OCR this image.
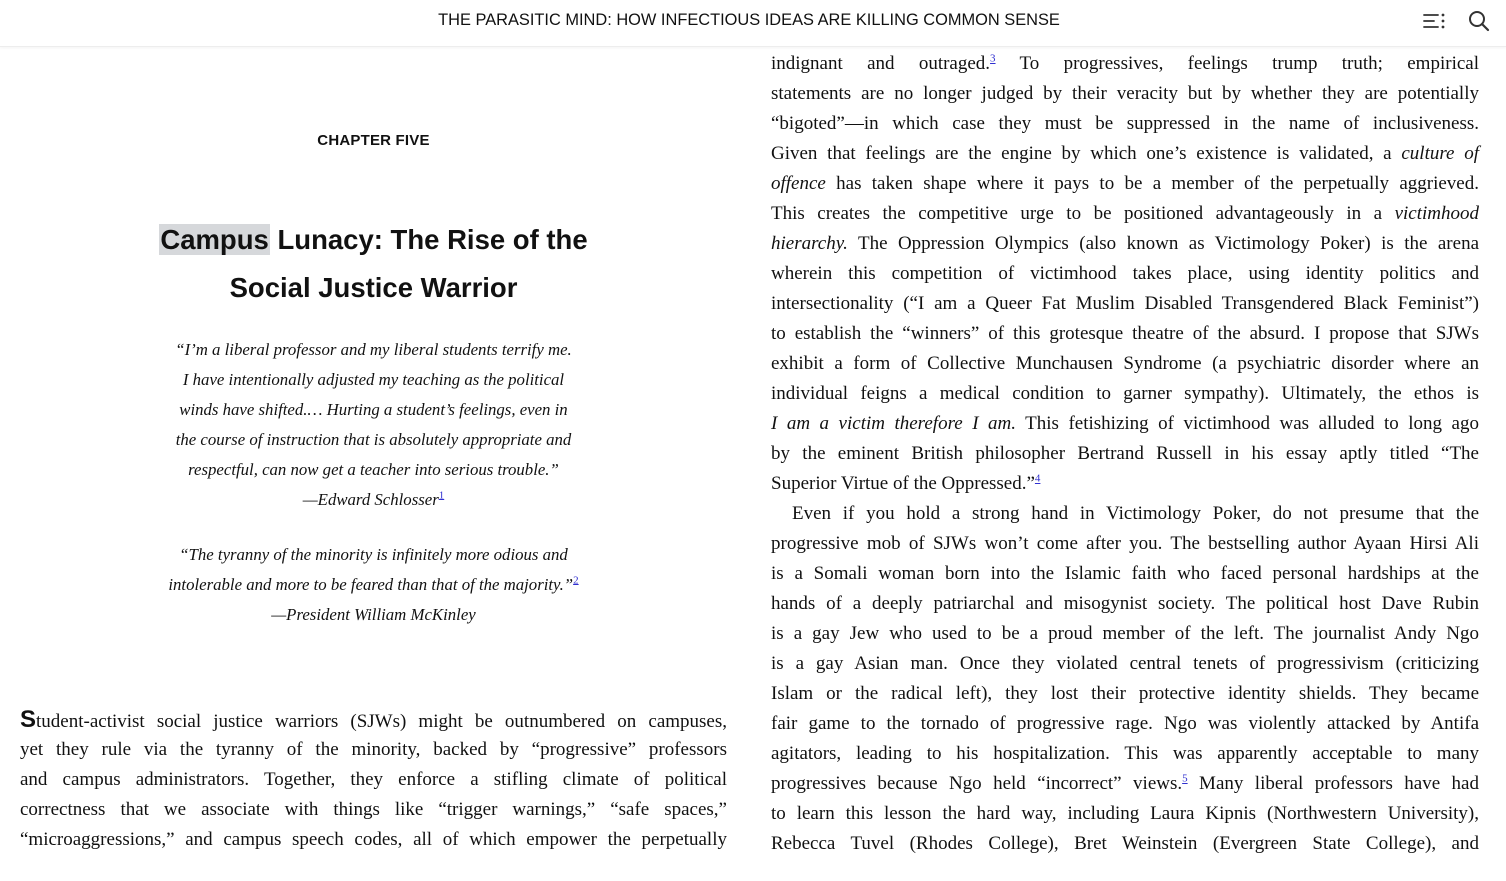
THE PARASITIC MIND: HOW INFECTIOUS IDEAS ARE KILLING COMMON SENSE
CHAPTER FIVE
Campus Lunacy: The Rise of the
Social Justice Warrior
“I’m a liberal professor and my liberal students terrify me.
I have intentionally adjusted my teaching as the political
winds have shifted.… Hurting a student’s feelings, even in
the course of instruction that is absolutely appropriate and
respectful, can now get a teacher into serious trouble.”
—Edward Schlosser$^1$
“The tyranny of the minority is infinitely more odious and
intolerable and more to be feared than that of the majority.”$^2$
—President William McKinley
Student-activist social justice warriors (SJWs) might be outnumbered on campuses,
yet they rule via the tyranny of the minority, backed by “progressive” professors
and campus administrators. Together, they enforce a stifling climate of political
correctness that we associate with things like “trigger warnings,” “safe spaces,”
“microaggressions,” and campus speech codes, all of which empower the perpetually
indignant and outraged.$^3$ To progressives, feelings trump truth; empirical
statements are no longer judged by their veracity but by whether they are potentially
“bigoted”—in which case they must be suppressed in the name of inclusiveness.
Given that feelings are the engine by which one’s existence is validated, a culture of
offence has taken shape where it pays to be a member of the perpetually aggrieved.
This creates the competitive urge to be positioned advantageously in a victimhood
hierarchy. The Oppression Olympics (also known as Victimology Poker) is the arena
wherein this competition of victimhood takes place, using identity politics and
intersectionality (“I am a Queer Fat Muslim Disabled Transgendered Black Feminist”)
to establish the “winners” of this grotesque theatre of the absurd. I propose that SJWs
exhibit a form of Collective Munchausen Syndrome (a psychiatric disorder where an
individual feigns a medical condition to garner sympathy). Ultimately, the ethos is
I am a victim therefore I am. This fetishizing of victimhood was alluded to long ago
by the eminent British philosopher Bertrand Russell in his essay aptly titled “The
Superior Virtue of the Oppressed.”$^4$
Even if you hold a strong hand in Victimology Poker, do not presume that the
progressive mob of SJWs won’t come after you. The bestselling author Ayaan Hirsi Ali
is a Somali woman born into the Islamic faith who faced personal hardships at the
hands of a deeply patriarchal and misogynist society. The political host Dave Rubin
is a gay Jew who used to be a proud member of the left. The journalist Andy Ngo
is a gay Asian man. Once they violated central tenets of progressivism (criticizing
Islam or the radical left), they lost their protective identity shields. They became
fair game to the tornado of progressive rage. Ngo was violently attacked by Antifa
agitators, leading to his hospitalization. This was apparently acceptable to many
progressives because Ngo held “incorrect” views.$^5$ Many liberal professors have had
to learn this lesson the hard way, including Laura Kipnis (Northwestern University),
Rebecca Tuvel (Rhodes College), Bret Weinstein (Evergreen State College), and
